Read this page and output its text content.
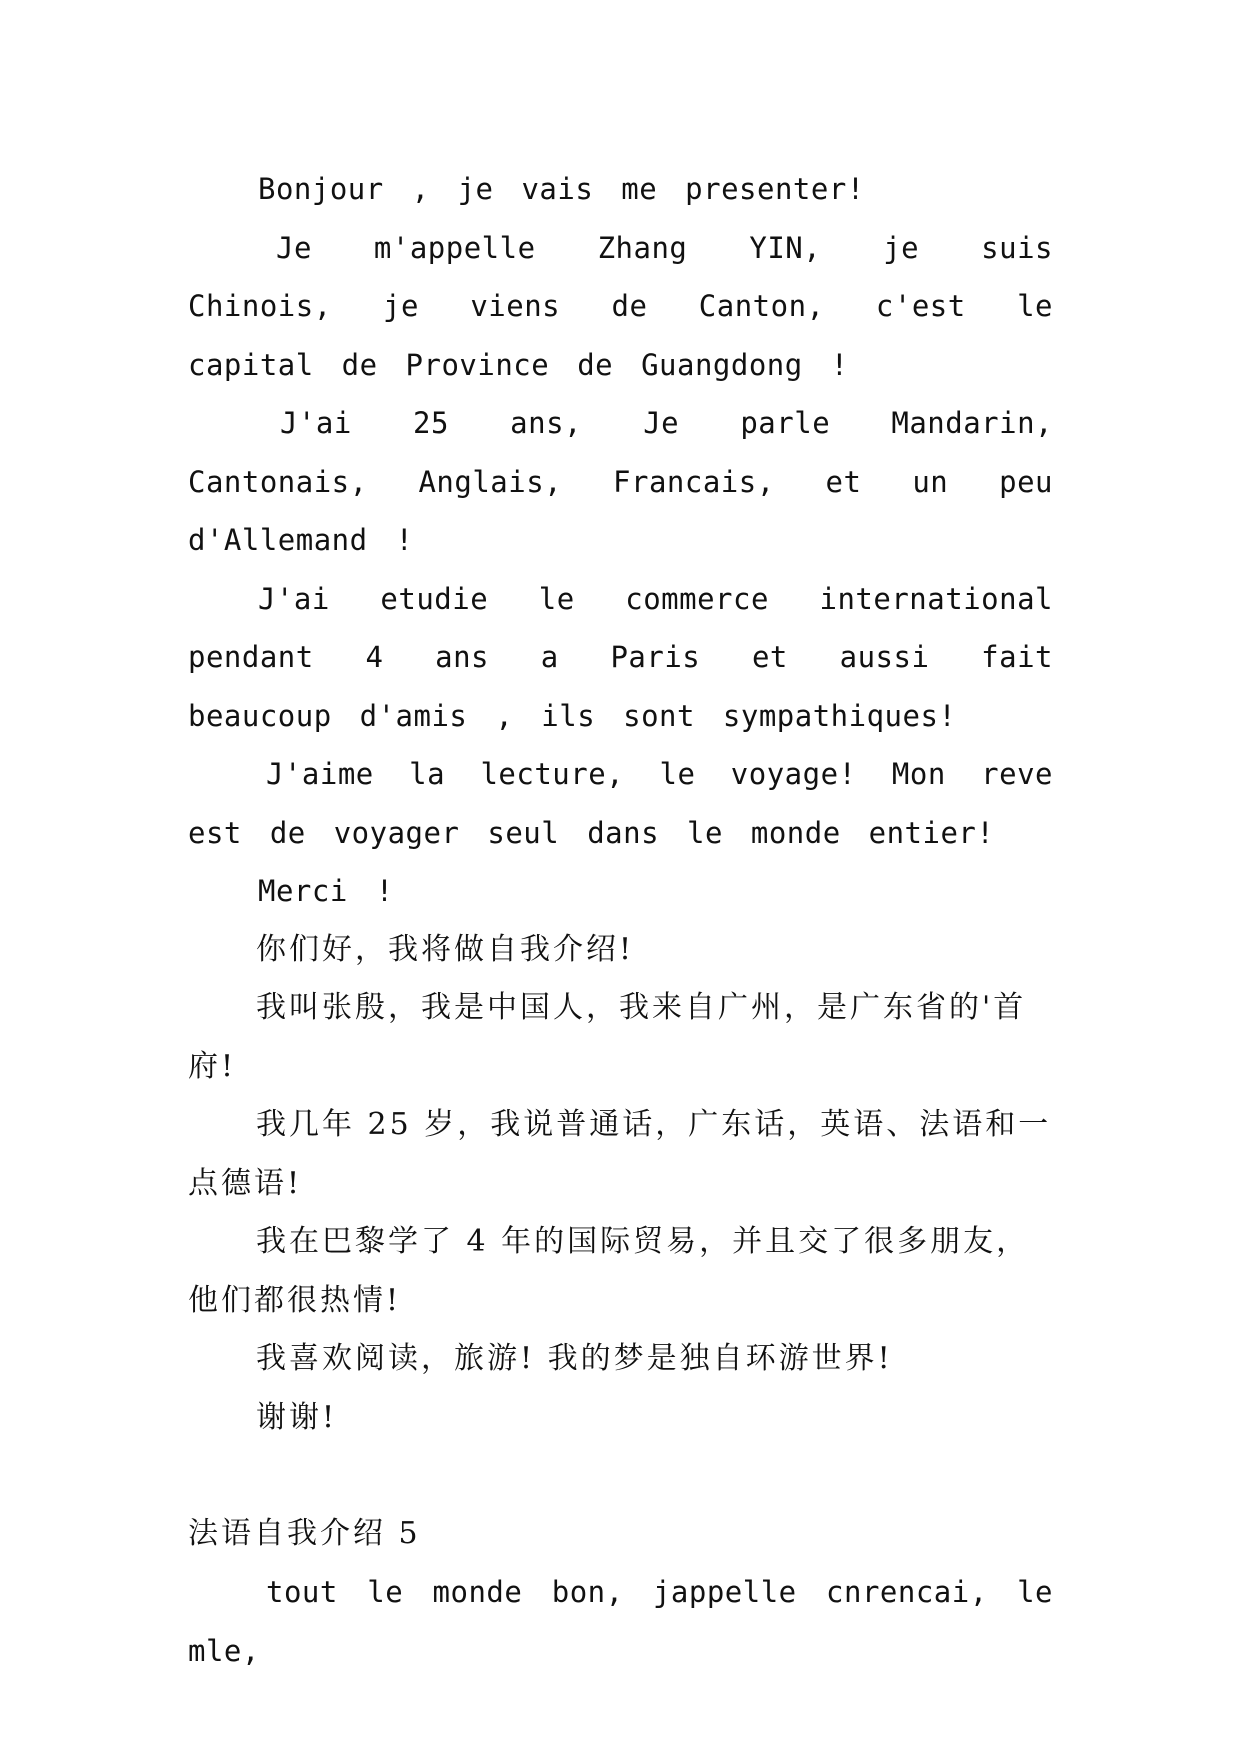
Bonjour , je vais me presenter!

Je m'appelle Zhang YIN, je suis Chinois, je viens de Canton, c'est le capital de Province de Guangdong !

J'ai 25 ans, Je parle Mandarin, Cantonais, Anglais, Francais, et un peu d'Allemand !

J'ai etudie le commerce international pendant 4 ans a Paris et aussi fait beaucoup d'amis , ils sont sympathiques!

J'aime la lecture, le voyage! Mon reve est de voyager seul dans le monde entier!

Merci !

你们好，我将做自我介绍!

我叫张殷，我是中国人，我来自广州，是广东省的'首府!

我几年 25 岁，我说普通话，广东话，英语、法语和一点德语!

我在巴黎学了 4 年的国际贸易，并且交了很多朋友，他们都很热情!

我喜欢阅读，旅游! 我的梦是独自环游世界!

谢谢!

法语自我介绍 5

tout le monde bon, jappelle cnrencai, le mle,
